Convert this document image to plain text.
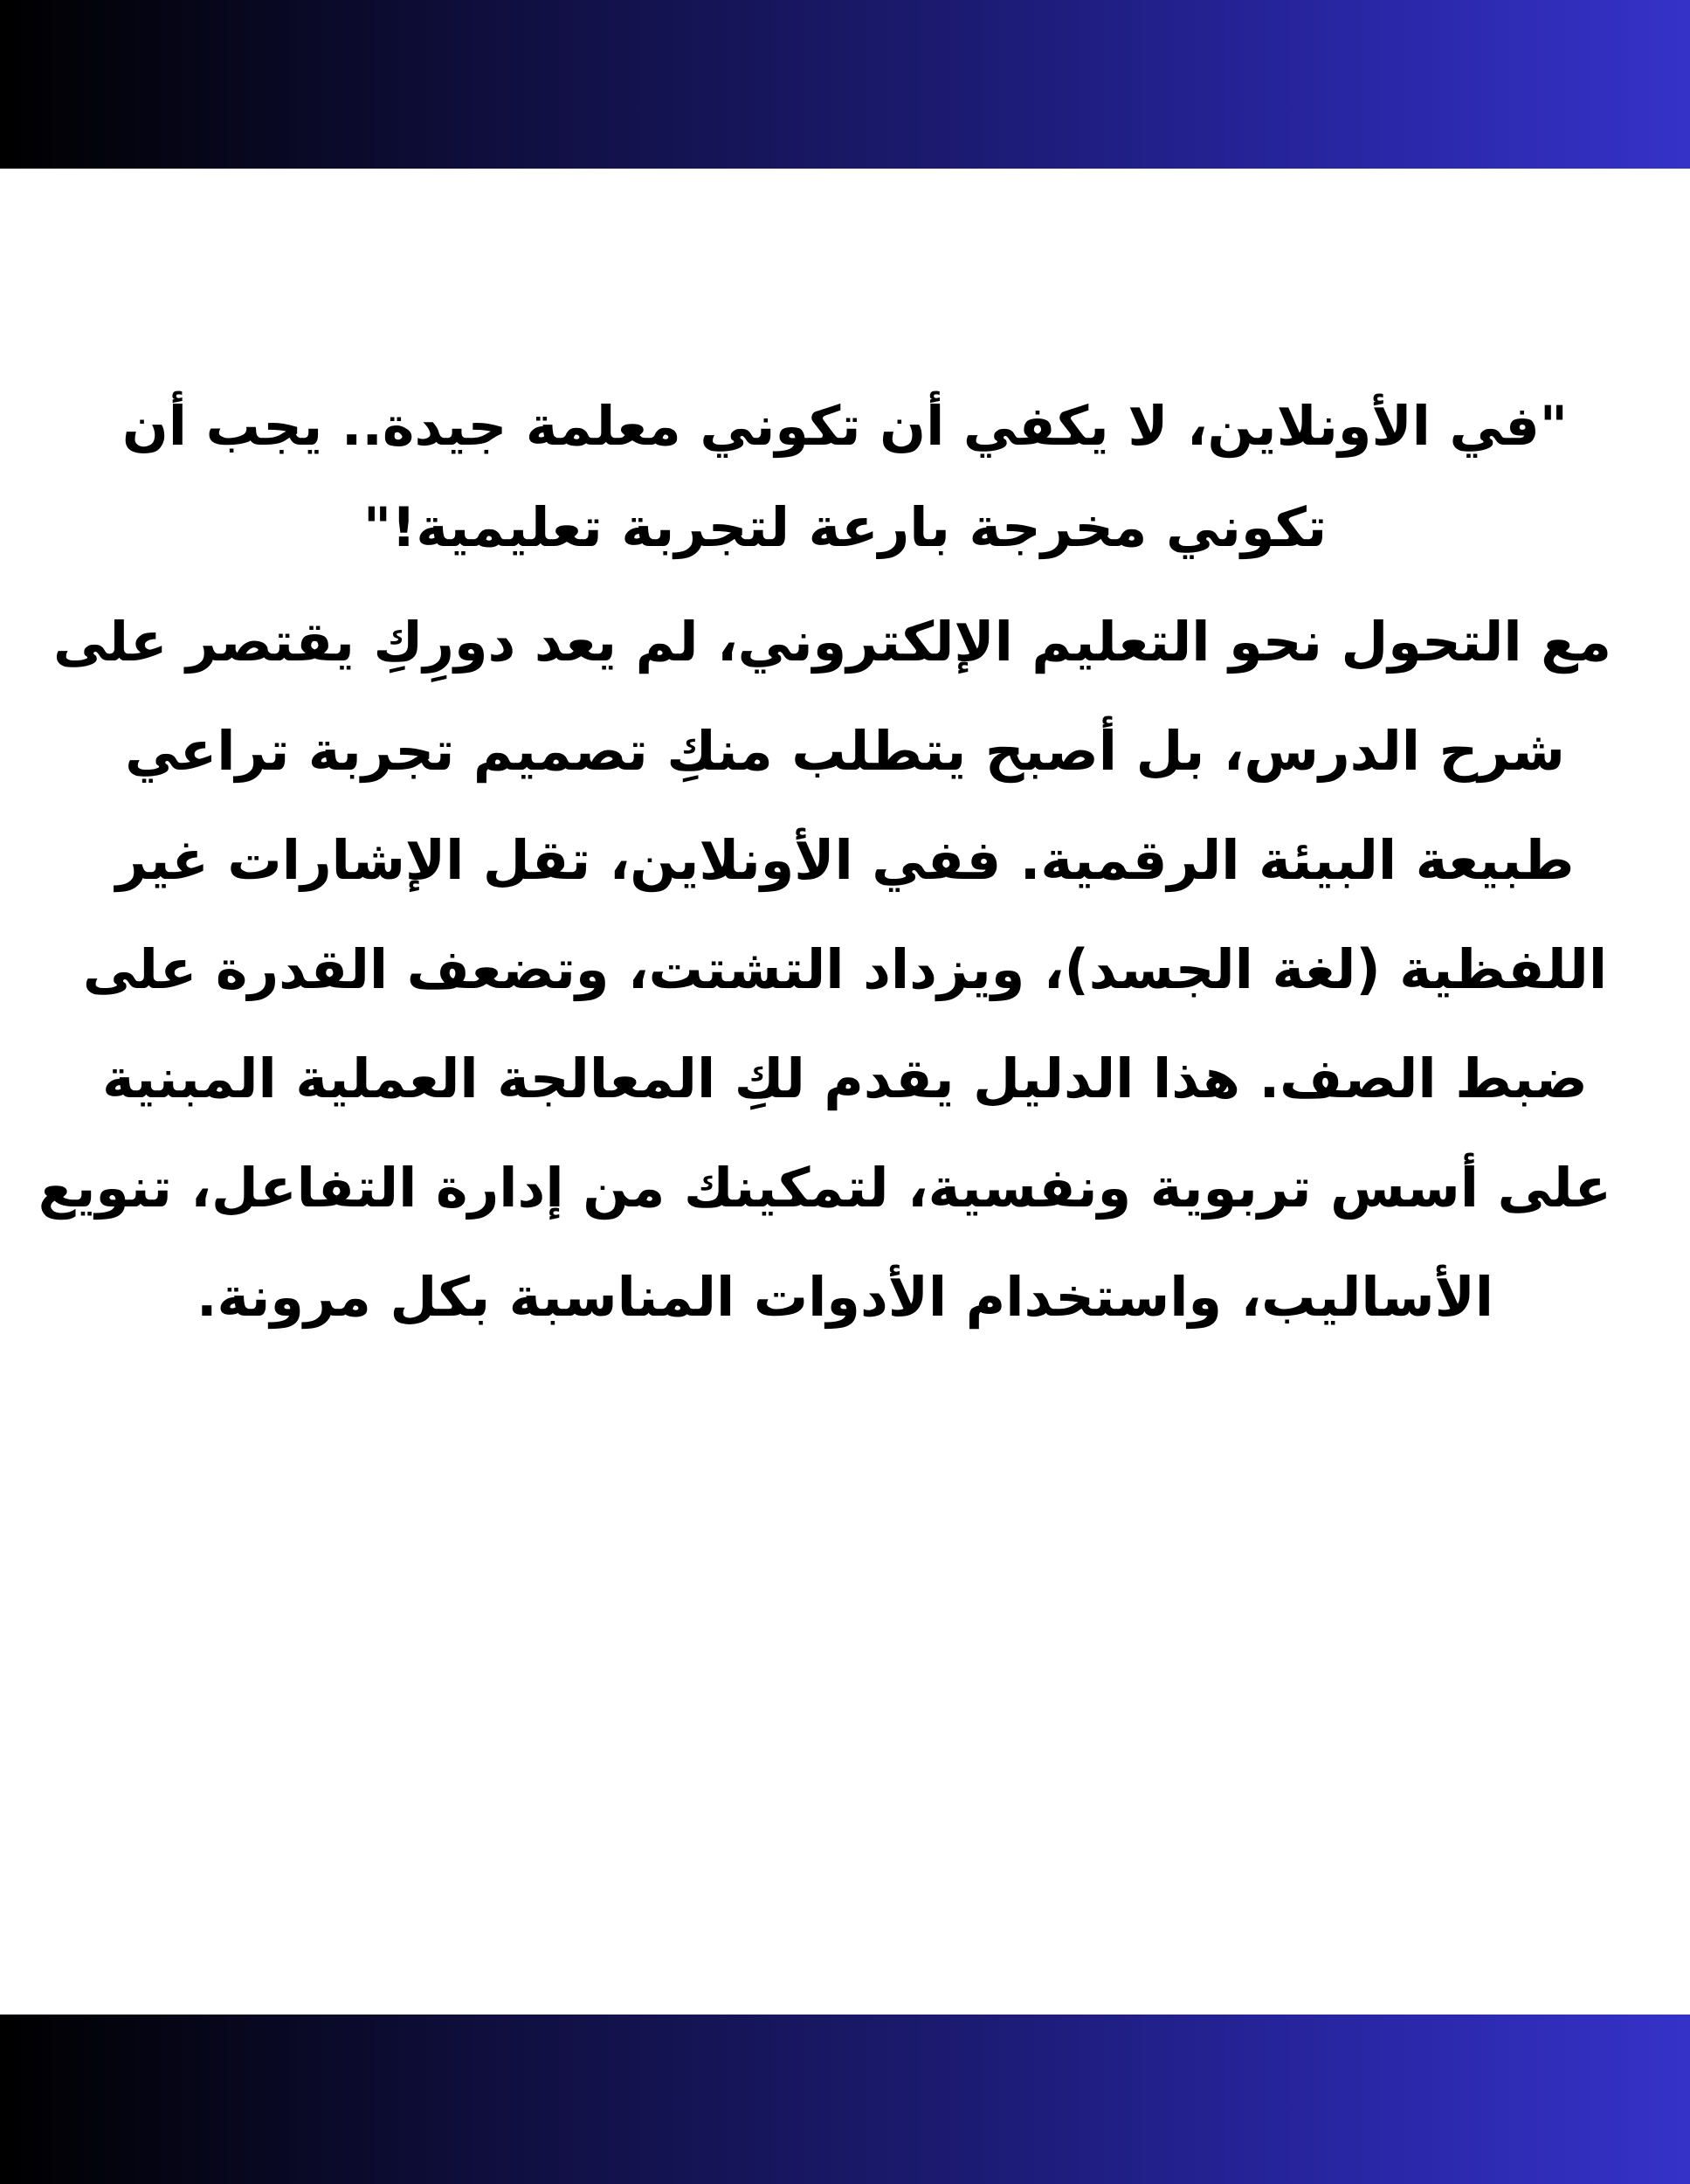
"في الأونلاين، لا يكفي أن تكوني معلمة جيدة.. يجب أن
تكوني مخرجة بارعة لتجربة تعليمية!"
مع التحول نحو التعليم الإلكتروني، لم يعد دورِكِ يقتصر على
شرح الدرس، بل أصبح يتطلب منكِ تصميم تجربة تراعي
طبيعة البيئة الرقمية. ففي الأونلاين، تقل الإشارات غير
اللفظية (لغة الجسد)، ويزداد التشتت، وتضعف القدرة على
ضبط الصف. هذا الدليل يقدم لكِ المعالجة العملية المبنية
على أسس تربوية ونفسية، لتمكينك من إدارة التفاعل، تنويع
الأساليب، واستخدام الأدوات المناسبة بكل مرونة.
